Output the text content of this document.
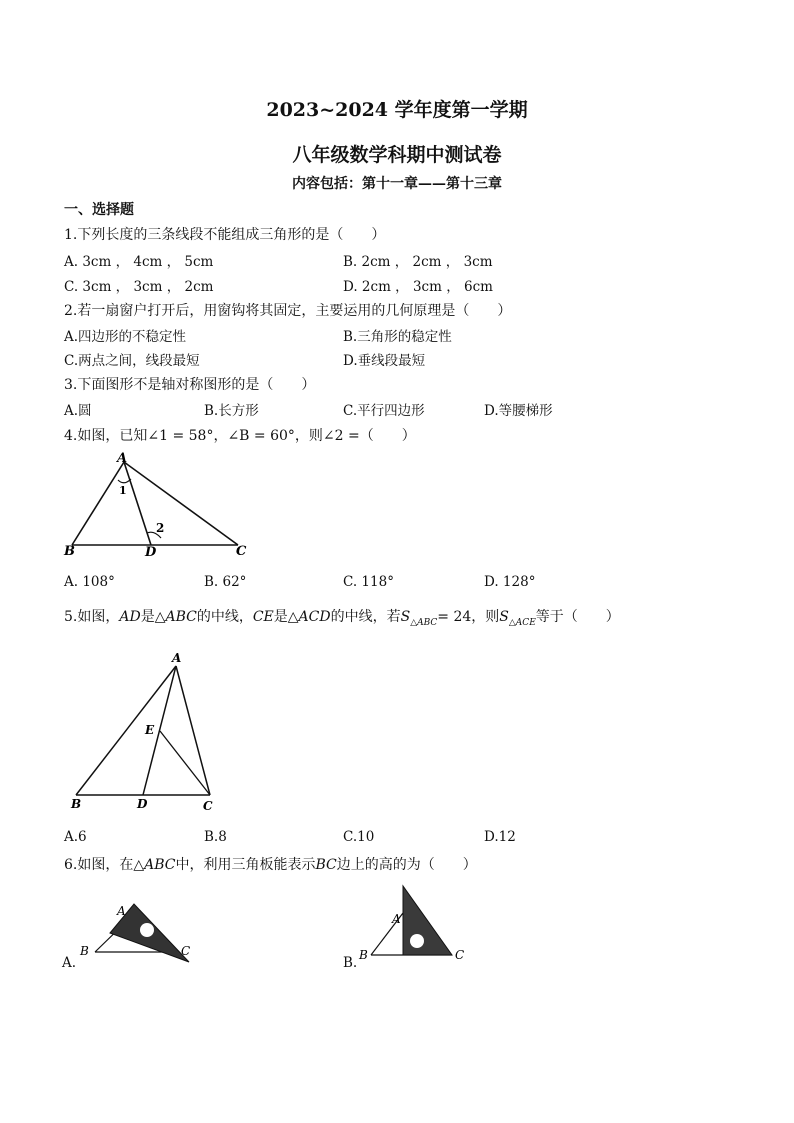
2023~2024 学年度第一学期
八年级数学科期中测试卷
内容包括：第十一章——第十三章
一、选择题
1.下列长度的三条线段不能组成三角形的是（　　）
A. 3cm ， 4cm ， 5cm	B. 2cm ， 2cm ， 3cm
C. 3cm ， 3cm ， 2cm	D. 2cm ， 3cm ， 6cm
2.若一扇窗户打开后，用窗钩将其固定，主要运用的几何原理是（　　）
A.四边形的不稳定性	B.三角形的稳定性
C.两点之间，线段最短	D.垂线段最短
3.下面图形不是轴对称图形的是（　　）
A.圆	B.长方形	C.平行四边形	D.等腰梯形
4.如图，已知∠1 = 58°，∠B = 60°，则∠2 =（　　）
A
B	C
D
1
2
A. 108°	B. 62°	C. 118°	D. 128°
5.如图，AD是△ABC的中线，CE是△ACD的中线，若$S_{\triangle ABC}= 24$，则$S_{\triangle ACE}$等于（　　）
A
B	C
D
E
A.6	B.8	C.10	D.12
6.如图，在△ABC中，利用三角板能表示BC边上的高的为（　　）
A
B	C
A.
A
B	C
B.
